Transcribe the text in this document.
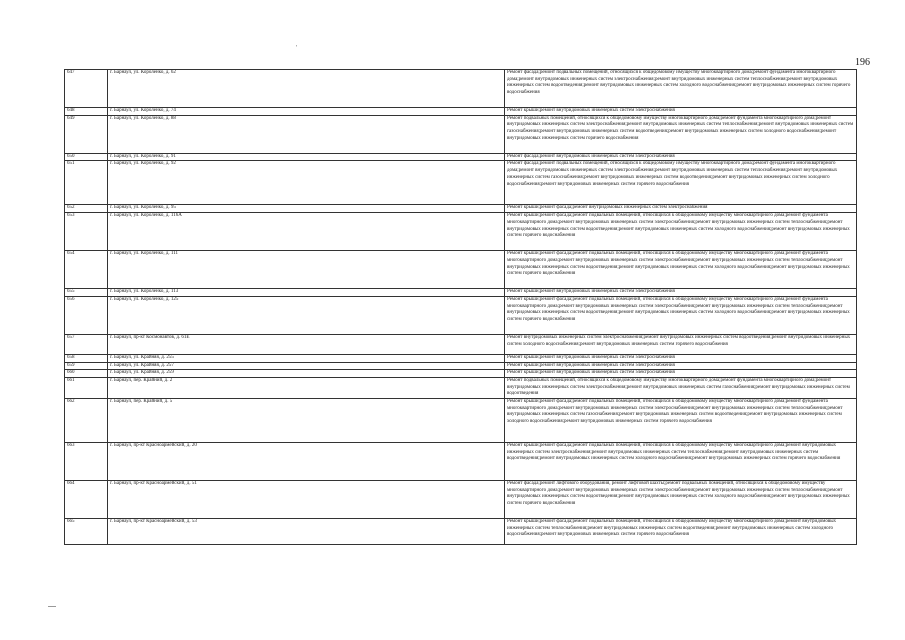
196
'
647	г. Барнаул, ул. Короленко, д. 62	Ремонт фасада;ремонт подвальных помещений, относящихся к общедомовому имуществу многоквартирного дома;ремонт фундамента многоквартирного дома;ремонт внутридомовых инженерных систем электроснабжения;ремонт внутридомовых инженерных систем теплоснабжения;ремонт внутридомовых инженерных систем водоотведения;ремонт внутридомовых инженерных систем холодного водоснабжения;ремонт внутридомовых инженерных систем горячего водоснабжения
648	г. Барнаул, ул. Короленко, д. 74	Ремонт крыши;ремонт внутридомовых инженерных систем электроснабжения
649	г. Барнаул, ул. Короленко, д. 88	Ремонт подвальных помещений, относящихся к общедомовому имуществу многоквартирного дома;ремонт фундамента многоквартирного дома;ремонт внутридомовых инженерных систем электроснабжения;ремонт внутридомовых инженерных систем теплоснабжения;ремонт внутридомовых инженерных систем газоснабжения;ремонт внутридомовых инженерных систем водоотведения;ремонт внутридомовых инженерных систем холодного водоснабжения;ремонт внутридомовых инженерных систем горячего водоснабжения
650	г. Барнаул, ул. Короленко, д. 91	Ремонт фасада;ремонт внутридомовых инженерных систем электроснабжения
651	г. Барнаул, ул. Короленко, д. 92	Ремонт фасада;ремонт подвальных помещений, относящихся к общедомовому имуществу многоквартирного дома;ремонт фундамента многоквартирного дома;ремонт внутридомовых инженерных систем электроснабжения;ремонт внутридомовых инженерных систем теплоснабжения;ремонт внутридомовых инженерных систем газоснабжения;ремонт внутридомовых инженерных систем водоотведения;ремонт внутридомовых инженерных систем холодного водоснабжения;ремонт внутридомовых инженерных систем горячего водоснабжения
652	г. Барнаул, ул. Короленко, д. 95	Ремонт крыши;ремонт фасада;ремонт внутридомовых инженерных систем электроснабжения
653	г. Барнаул, ул. Короленко, д. 116А	Ремонт крыши;ремонт фасада;ремонт подвальных помещений, относящихся к общедомовому имуществу многоквартирного дома;ремонт фундамента многоквартирного дома;ремонт внутридомовых инженерных систем электроснабжения;ремонт внутридомовых инженерных систем теплоснабжения;ремонт внутридомовых инженерных систем водоотведения;ремонт внутридомовых инженерных систем холодного водоснабжения;ремонт внутридомовых инженерных систем горячего водоснабжения
654	г. Барнаул, ул. Короленко, д. 111	Ремонт крыши;ремонт фасада;ремонт подвальных помещений, относящихся к общедомовому имуществу многоквартирного дома;ремонт фундамента многоквартирного дома;ремонт внутридомовых инженерных систем электроснабжения;ремонт внутридомовых инженерных систем теплоснабжения;ремонт внутридомовых инженерных систем водоотведения;ремонт внутридомовых инженерных систем холодного водоснабжения;ремонт внутридомовых инженерных систем горячего водоснабжения
655	г. Барнаул, ул. Короленко, д. 113	Ремонт крыши;ремонт внутридомовых инженерных систем электроснабжения
656	г. Барнаул, ул. Короленко, д. 125	Ремонт крыши;ремонт фасада;ремонт подвальных помещений, относящихся к общедомовому имуществу многоквартирного дома;ремонт фундамента многоквартирного дома;ремонт внутридомовых инженерных систем электроснабжения;ремонт внутридомовых инженерных систем теплоснабжения;ремонт внутридомовых инженерных систем водоотведения;ремонт внутридомовых инженерных систем холодного водоснабжения;ремонт внутридомовых инженерных систем горячего водоснабжения
657	г. Барнаул, пр-кт Космонавтов, д. 61Е	Ремонт внутридомовых инженерных систем электроснабжения;ремонт внутридомовых инженерных систем водоотведения;ремонт внутридомовых инженерных систем холодного водоснабжения;ремонт внутридомовых инженерных систем горячего водоснабжения
658	г. Барнаул, ул. Крайняя, д. 255	Ремонт крыши;ремонт внутридомовых инженерных систем электроснабжения
659	г. Барнаул, ул. Крайняя, д. 257	Ремонт крыши;ремонт внутридомовых инженерных систем электроснабжения
660	г. Барнаул, ул. Крайняя, д. 259	Ремонт крыши;ремонт внутридомовых инженерных систем электроснабжения
661	г. Барнаул, пер. Крайний, д. 2	Ремонт подвальных помещений, относящихся к общедомовому имуществу многоквартирного дома;ремонт фундамента многоквартирного дома;ремонт внутридомовых инженерных систем электроснабжения;ремонт внутридомовых инженерных систем газоснабжения;ремонт внутридомовых инженерных систем водоотведения
662	г. Барнаул, пер. Крайний, д. 5	Ремонт крыши;ремонт фасада;ремонт подвальных помещений, относящихся к общедомовому имуществу многоквартирного дома;ремонт фундамента многоквартирного дома;ремонт внутридомовых инженерных систем электроснабжения;ремонт внутридомовых инженерных систем теплоснабжения;ремонт внутридомовых инженерных систем газоснабжения;ремонт внутридомовых инженерных систем водоотведения;ремонт внутридомовых инженерных систем холодного водоснабжения;ремонт внутридомовых инженерных систем горячего водоснабжения
663	г. Барнаул, пр-кт Красноармейский, д. 20	Ремонт крыши;ремонт фасада;ремонт подвальных помещений, относящихся к общедомовому имуществу многоквартирного дома;ремонт внутридомовых инженерных систем электроснабжения;ремонт внутридомовых инженерных систем теплоснабжения;ремонт внутридомовых инженерных систем водоотведения;ремонт внутридомовых инженерных систем холодного водоснабжения;ремонт внутридомовых инженерных систем горячего водоснабжения
664	г. Барнаул, пр-кт Красноармейский, д. 51	Ремонт фасада;ремонт лифтового оборудования, ремонт лифтовой шахты;ремонт подвальных помещений, относящихся к общедомовому имуществу многоквартирного дома;ремонт внутридомовых инженерных систем электроснабжения;ремонт внутридомовых инженерных систем теплоснабжения;ремонт внутридомовых инженерных систем водоотведения;ремонт внутридомовых инженерных систем холодного водоснабжения;ремонт внутридомовых инженерных систем горячего водоснабжения
665	г. Барнаул, пр-кт Красноармейский, д. 53	Ремонт крыши;ремонт фасада;ремонт подвальных помещений, относящихся к общедомовому имуществу многоквартирного дома;ремонт внутридомовых инженерных систем теплоснабжения;ремонт внутридомовых инженерных систем водоотведения;ремонт внутридомовых инженерных систем холодного водоснабжения;ремонт внутридомовых инженерных систем горячего водоснабжения
